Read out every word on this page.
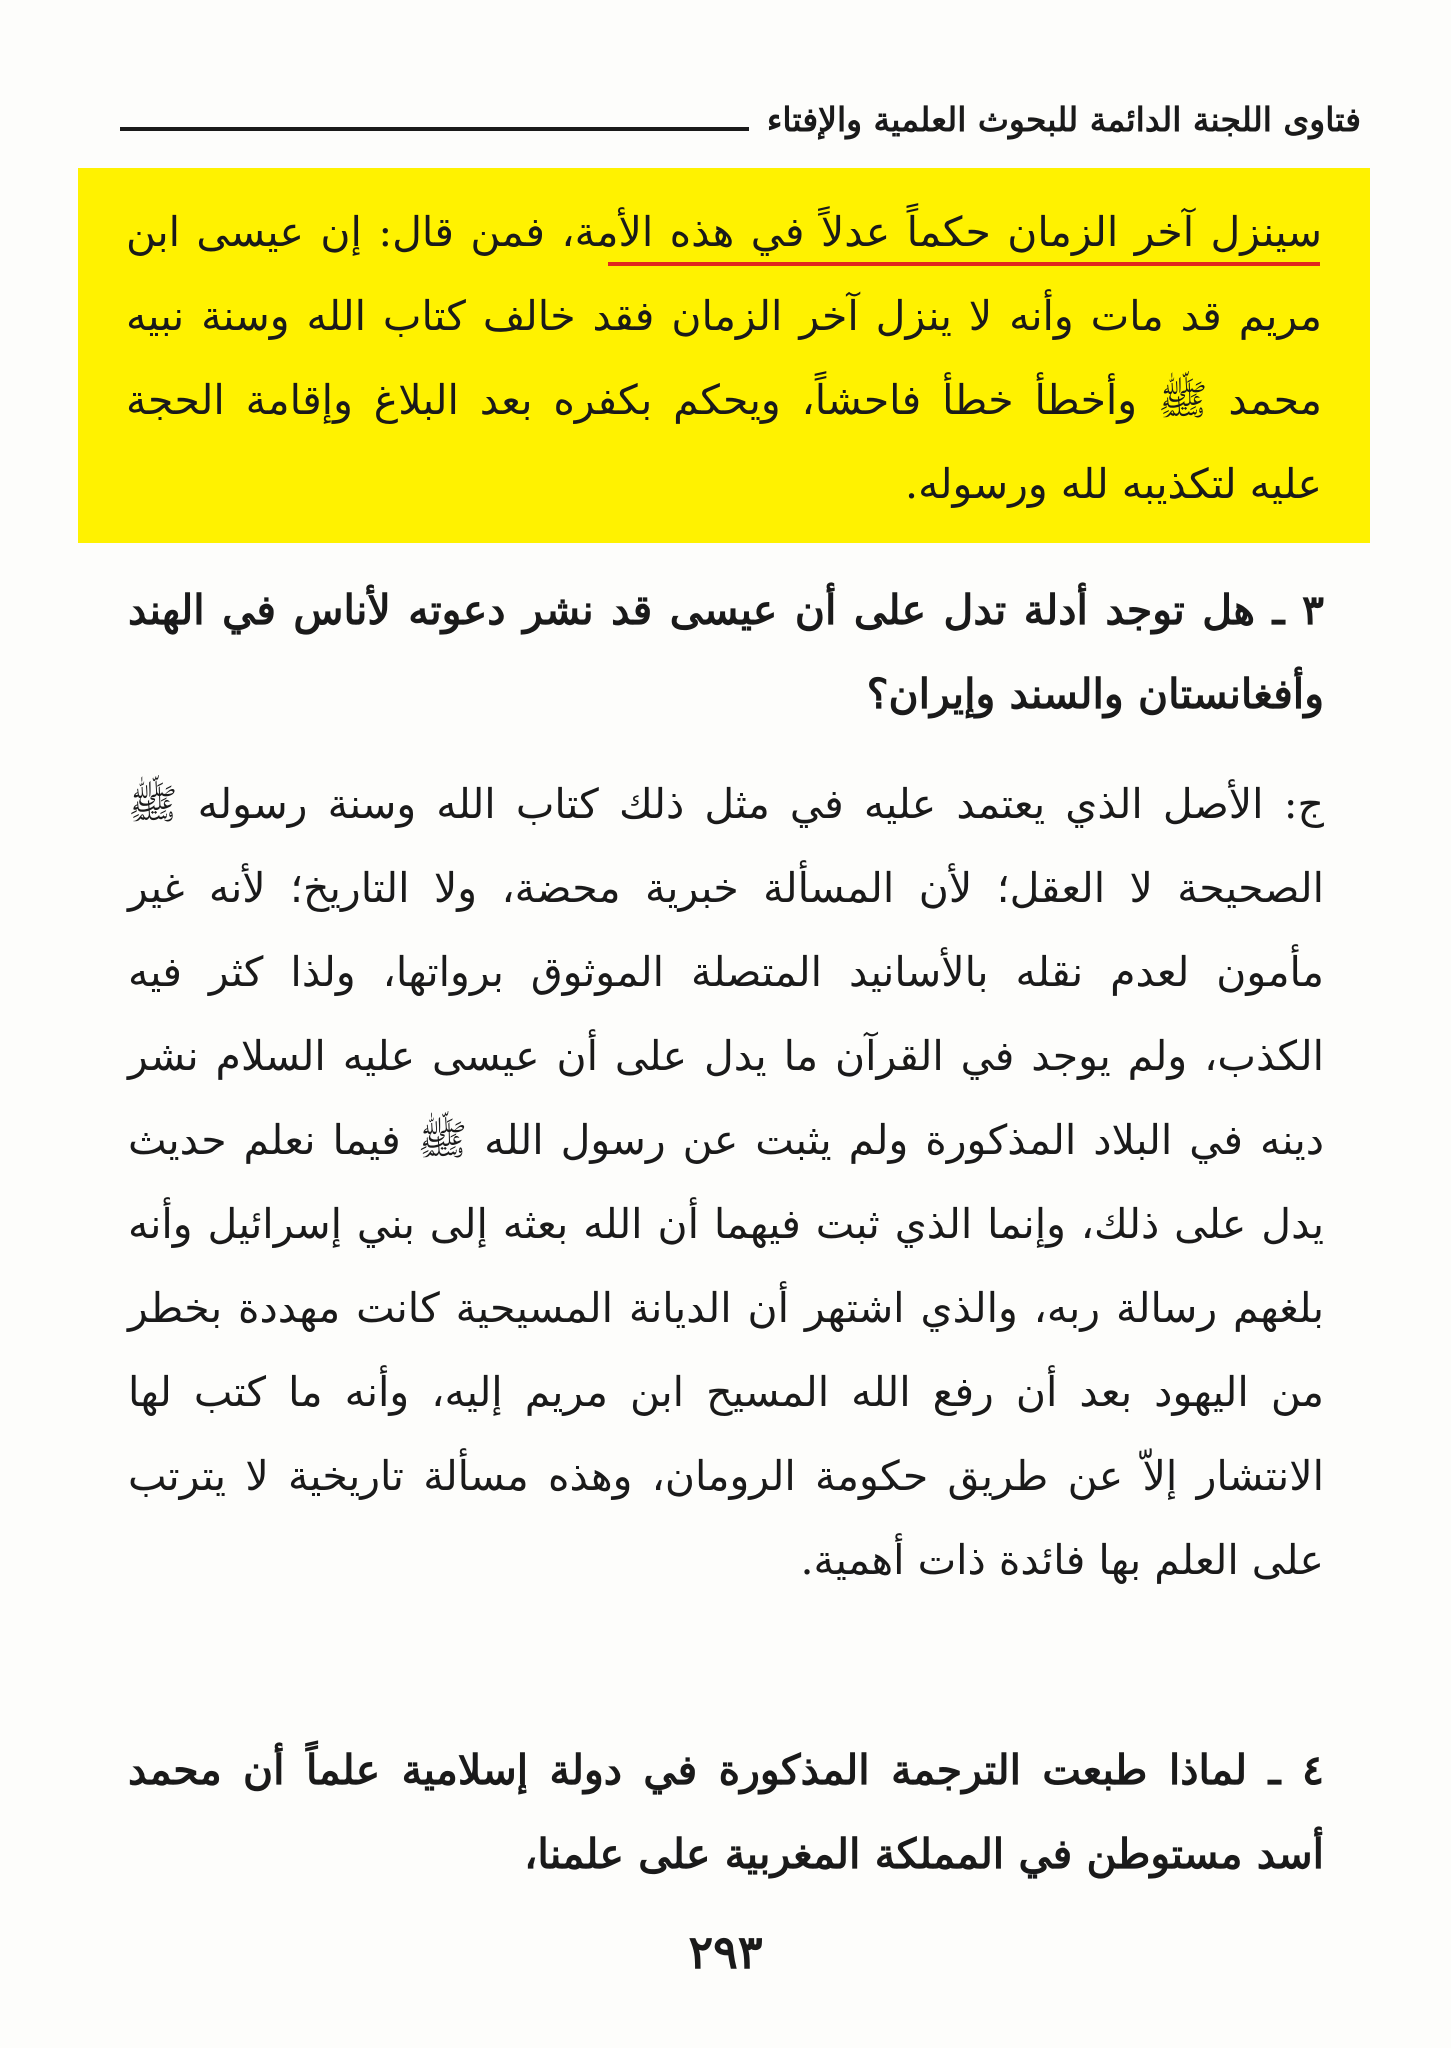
فتاوى اللجنة الدائمة للبحوث العلمية والإفتاء

سينزل آخر الزمان حكماً عدلاً في هذه الأمة، فمن قال: إن عيسى ابن مريم قد مات وأنه لا ينزل آخر الزمان فقد خالف كتاب الله وسنة نبيه محمد ﷺ وأخطأ خطأ فاحشاً، ويحكم بكفره بعد البلاغ وإقامة الحجة عليه لتكذيبه لله ورسوله.

٣ ـ هل توجد أدلة تدل على أن عيسى قد نشر دعوته لأناس في الهند وأفغانستان والسند وإيران؟

ج: الأصل الذي يعتمد عليه في مثل ذلك كتاب الله وسنة رسوله ﷺ الصحيحة لا العقل؛ لأن المسألة خبرية محضة، ولا التاريخ؛ لأنه غير مأمون لعدم نقله بالأسانيد المتصلة الموثوق برواتها، ولذا كثر فيه الكذب، ولم يوجد في القرآن ما يدل على أن عيسى عليه السلام نشر دينه في البلاد المذكورة ولم يثبت عن رسول الله ﷺ فيما نعلم حديث يدل على ذلك، وإنما الذي ثبت فيهما أن الله بعثه إلى بني إسرائيل وأنه بلغهم رسالة ربه، والذي اشتهر أن الديانة المسيحية كانت مهددة بخطر من اليهود بعد أن رفع الله المسيح ابن مريم إليه، وأنه ما كتب لها الانتشار إلاّ عن طريق حكومة الرومان، وهذه مسألة تاريخية لا يترتب على العلم بها فائدة ذات أهمية.

٤ ـ لماذا طبعت الترجمة المذكورة في دولة إسلامية علماً أن محمد أسد مستوطن في المملكة المغربية على علمنا،

٢٩٣
